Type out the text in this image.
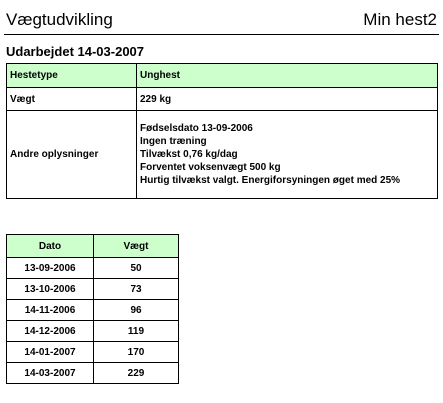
Vægtudvikling	Min hest2
Udarbejdet 14-03-2007
Hestetype	Unghest
Vægt	229 kg
Andre oplysninger	Fødselsdato 13-09-2006
Ingen træning
Tilvækst 0,76 kg/dag
Forventet voksenvægt 500 kg
Hurtig tilvækst valgt. Energiforsyningen øget med 25%
Dato	Vægt
13-09-2006	50
13-10-2006	73
14-11-2006	96
14-12-2006	119
14-01-2007	170
14-03-2007	229
